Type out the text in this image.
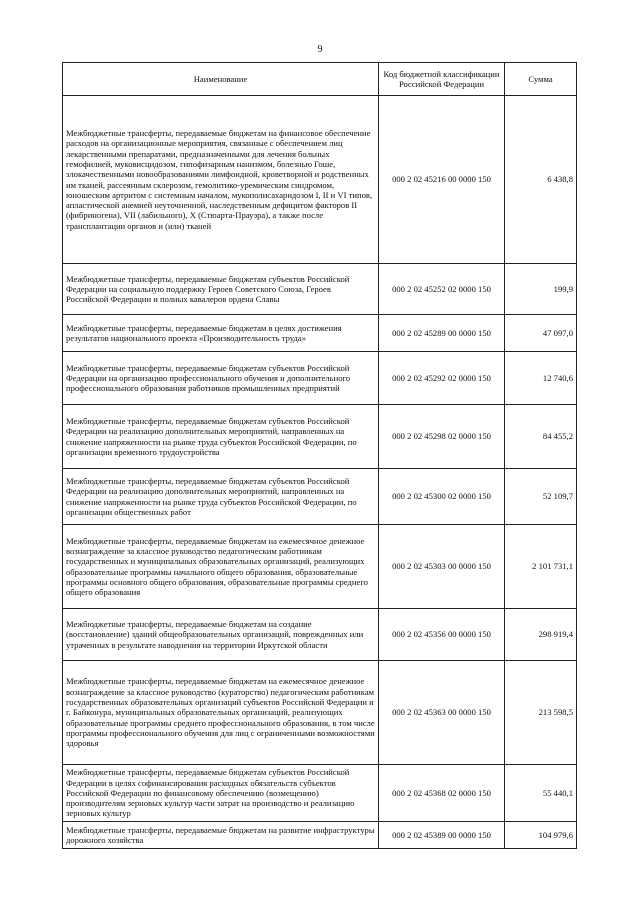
9
Наименование	Код бюджетной классификации Российской Федерации	Сумма
Межбюджетные трансферты, передаваемые бюджетам на финансовое обеспечение расходов на организационные мероприятия, связанные с обеспечением лиц лекарственными препаратами, предназначенными для лечения больных гемофилией, муковисцидозом, гипофизарным нанизмом, болезнью Гоше, злокачественными новообразованиями лимфоидной, кроветворной и родственных им тканей, рассеянным склерозом, гемолитико-уремическим синдромом, юношеским артритом с системным началом, мукополисахаридозом I, II и VI типов, апластической анемией неуточненной, наследственным дефицитом факторов II (фибриногена), VII (лабильного), X (Стюарта-Прауэра), а также после трансплантации органов и (или) тканей	000 2 02 45216 00 0000 150	6 438,8
Межбюджетные трансферты, передаваемые бюджетам субъектов Российской Федерации на социальную поддержку Героев Советского Союза, Героев Российской Федерации и полных кавалеров ордена Славы	000 2 02 45252 02 0000 150	199,9
Межбюджетные трансферты, передаваемые бюджетам в целях достижения результатов национального проекта «Производительность труда»	000 2 02 45289 00 0000 150	47 097,0
Межбюджетные трансферты, передаваемые бюджетам субъектов Российской Федерации на организацию профессионального обучения и дополнительного профессионального образования работников промышленных предприятий	000 2 02 45292 02 0000 150	12 740,6
Межбюджетные трансферты, передаваемые бюджетам субъектов Российской Федерации на реализацию дополнительных мероприятий, направленных на снижение напряженности на рынке труда субъектов Российской Федерации, по организации временного трудоустройства	000 2 02 45298 02 0000 150	84 455,2
Межбюджетные трансферты, передаваемые бюджетам субъектов Российской Федерации на реализацию дополнительных мероприятий, направленных на снижение напряженности на рынке труда субъектов Российской Федерации, по организации общественных работ	000 2 02 45300 02 0000 150	52 109,7
Межбюджетные трансферты, передаваемые бюджетам на ежемесячное денежное вознаграждение за классное руководство педагогическим работникам государственных и муниципальных образовательных организаций, реализующих образовательные программы начального общего образования, образовательные программы основного общего образования, образовательные программы среднего общего образования	000 2 02 45303 00 0000 150	2 101 731,1
Межбюджетные трансферты, передаваемые бюджетам на создание (восстановление) зданий общеобразовательных организаций, поврежденных или утраченных в результате наводнения на территории Иркутской области	000 2 02 45356 00 0000 150	298 919,4
Межбюджетные трансферты, передаваемые бюджетам на ежемесячное денежное вознаграждение за классное руководство (кураторство) педагогическим работникам государственных образовательных организаций субъектов Российской Федерации и г. Байконура, муниципальных образовательных организаций, реализующих образовательные программы среднего профессионального образования, в том числе программы профессионального обучения для лиц с ограниченными возможностями здоровья	000 2 02 45363 00 0000 150	213 598,5
Межбюджетные трансферты, передаваемые бюджетам субъектов Российской Федерации в целях софинансирования расходных обязательств субъектов Российской Федерации по финансовому обеспечению (возмещению) производителям зерновых культур части затрат на производство и реализацию зерновых культур	000 2 02 45368 02 0000 150	55 440,1
Межбюджетные трансферты, передаваемые бюджетам на развитие инфраструктуры дорожного хозяйства	000 2 02 45389 00 0000 150	104 979,6
